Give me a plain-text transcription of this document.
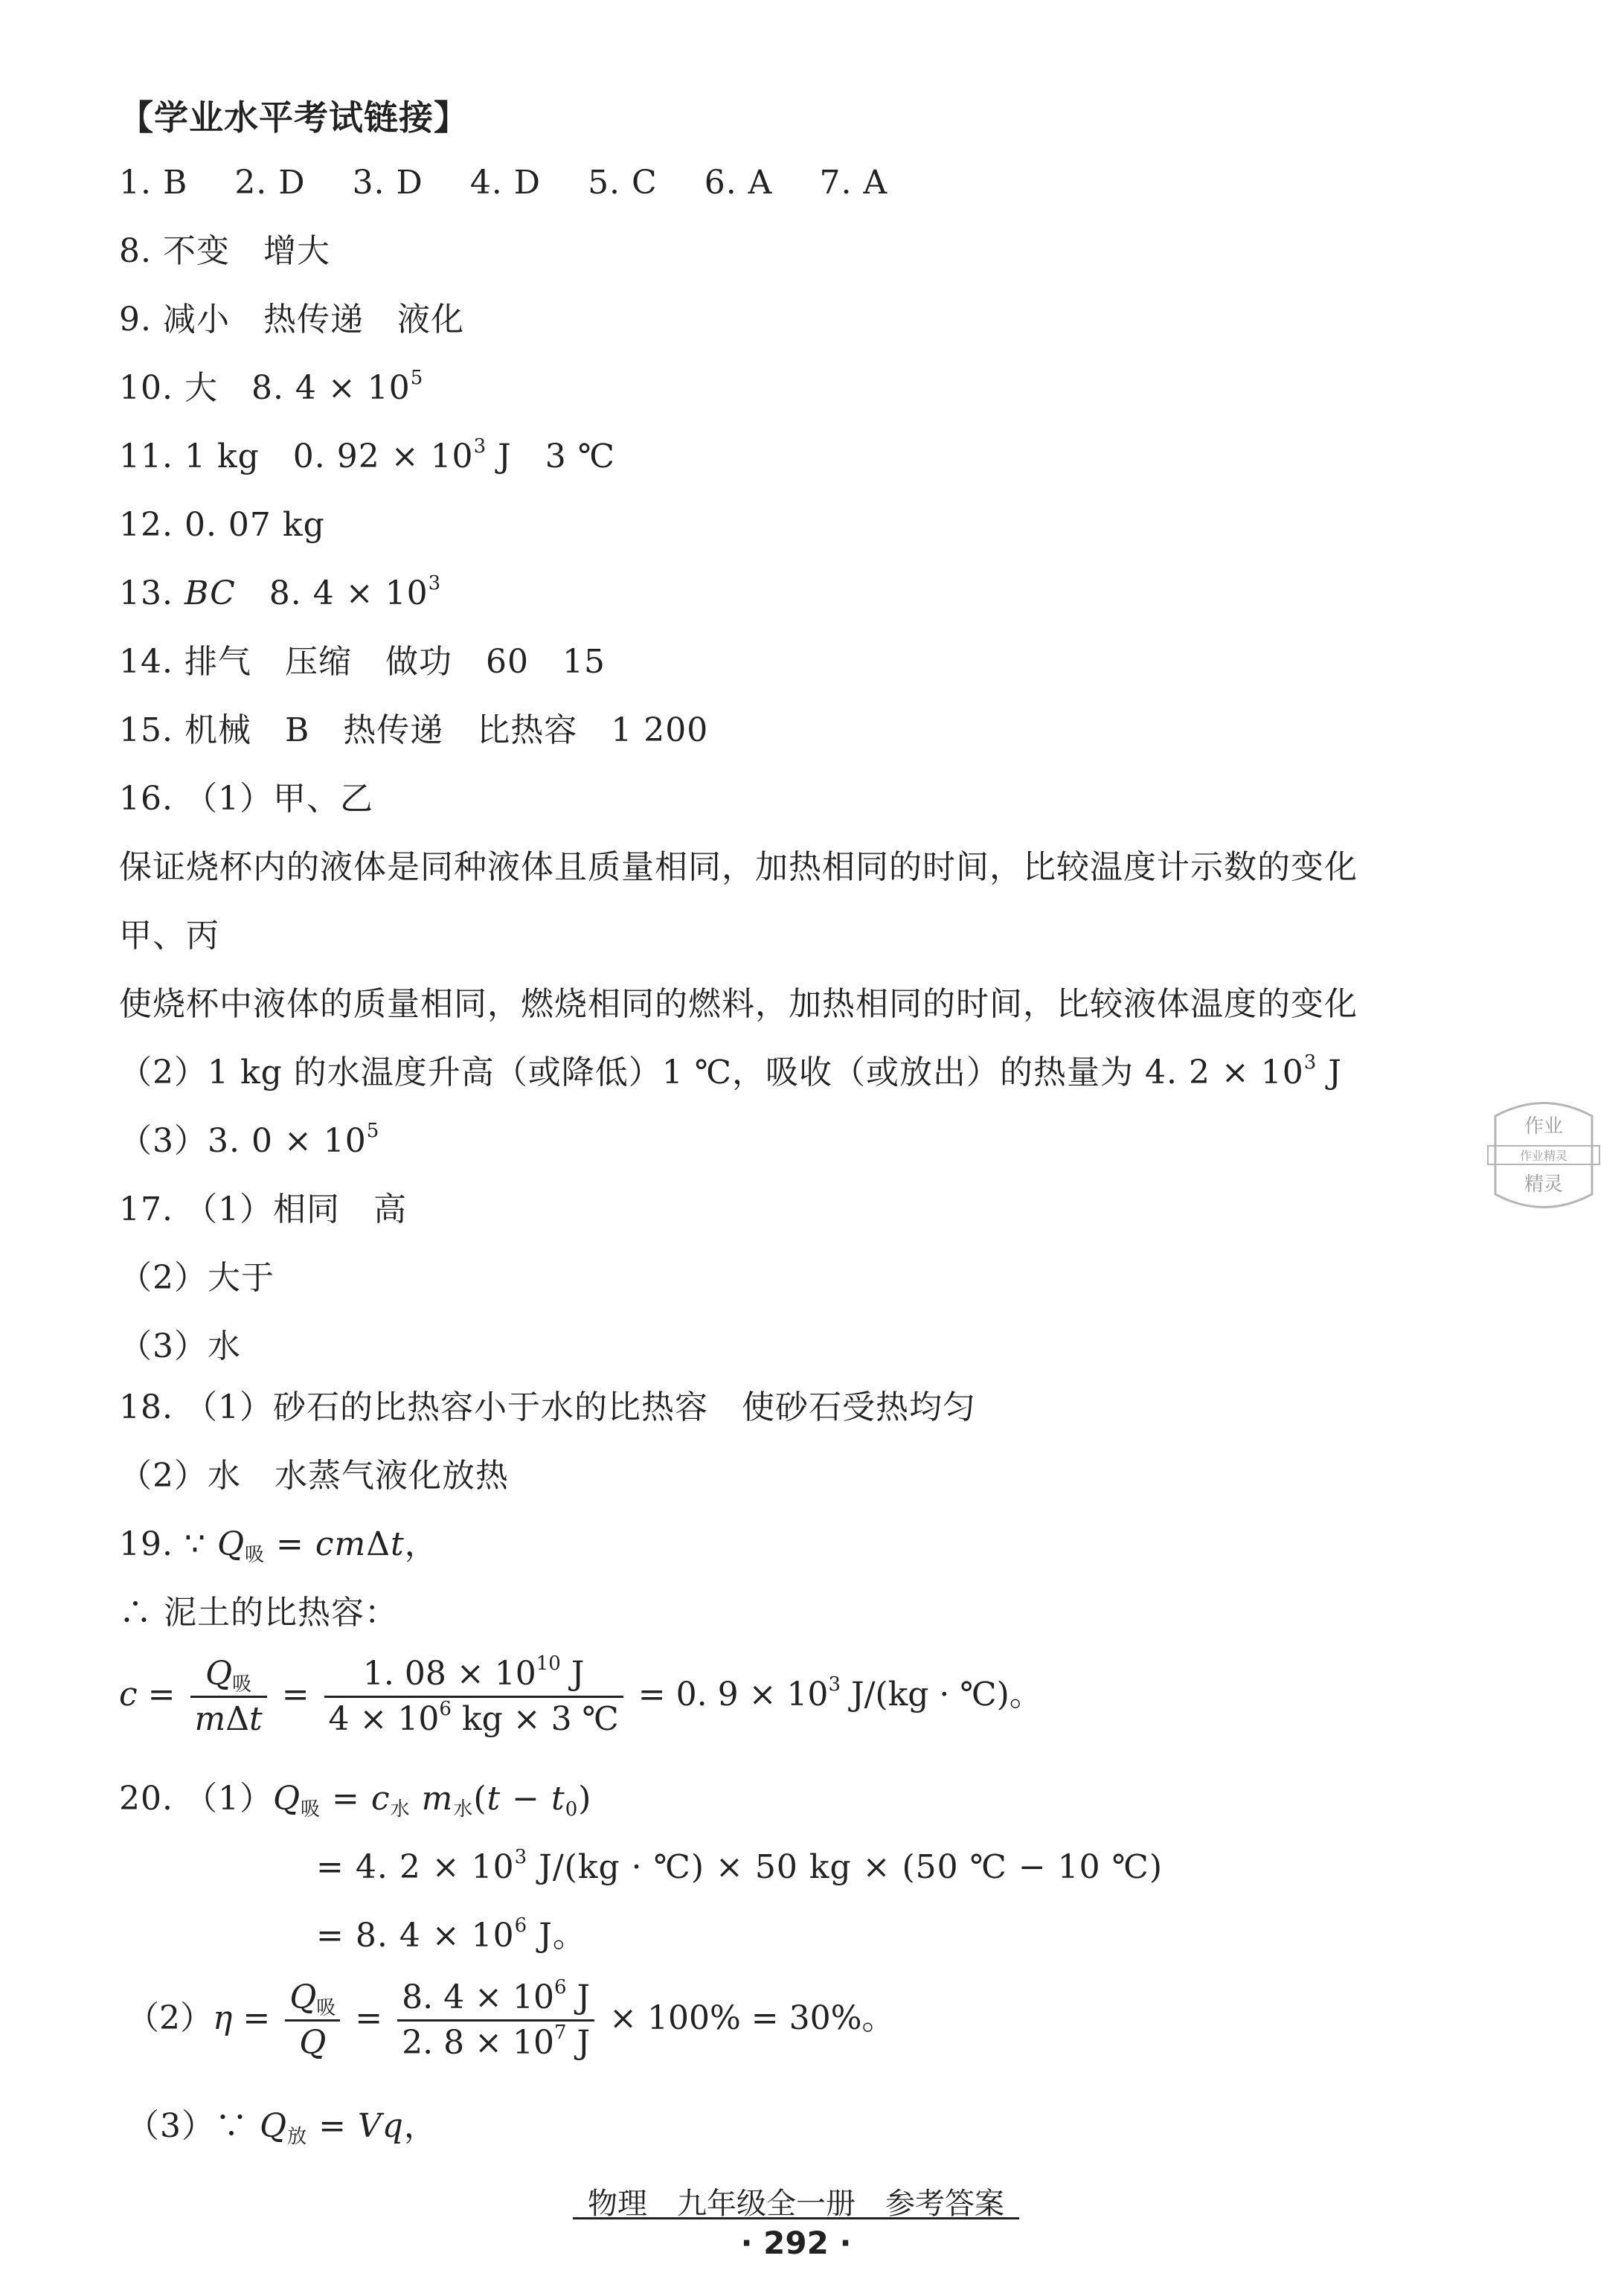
【学业水平考试链接】
1. B 2. D 3. D 4. D 5. C 6. A 7. A
8. 不变　增大
9. 减小　热传递　液化
10. 大　8. $4 \times 10^5$
11. 1 kg　0. $92 \times 10^3$ J　3 ℃
12. 0. 07 kg
13. BC　8. $4 \times 10^3$
14. 排气　压缩　做功　60　15
15. 机械　B　热传递　比热容　1 200
16. （1）甲、乙
保证烧杯内的液体是同种液体且质量相同，加热相同的时间，比较温度计示数的变化
甲、丙
使烧杯中液体的质量相同，燃烧相同的燃料，加热相同的时间，比较液体温度的变化
（2）1 kg 的水温度升高（或降低）1 ℃，吸收（或放出）的热量为 4. $2 \times 10^3$ J
（3）3. $0 \times 10^5$
17. （1）相同　高
（2）大于
（3）水
18. （1）砂石的比热容小于水的比热容　使砂石受热均匀
（2）水　水蒸气液化放热
19. ∵ $Q_吸 = cm\Delta t$，
∴ 泥土的比热容：
$c = \frac{Q_吸}{\text{mΔt}} = \frac{1. 08 \times 10^{10} J}{4 \times 10^6 kg \times 3 ℃} = 0$. $9 \times 10^3$ J/(kg · ℃)。
20. $(1)Q_吸 = c_水$ $m_水(t - t_0)$
= 4. $2 \times 10^3$ J/(kg · ℃) × 50 kg × (50 ℃ − 10 ℃)
= 8. $4 \times 10^6$ J。
$(2)\eta = \frac{Q_吸}{Q} = \frac{8. 4 \times 10^6 J}{2. 8 \times 10^7 J} \times 100\% = 30\%$。
（3）∵ $Q_放 = Vq$，
作业
作业精灵
精灵
物理　九年级全一册　参考答案
· 292 ·
